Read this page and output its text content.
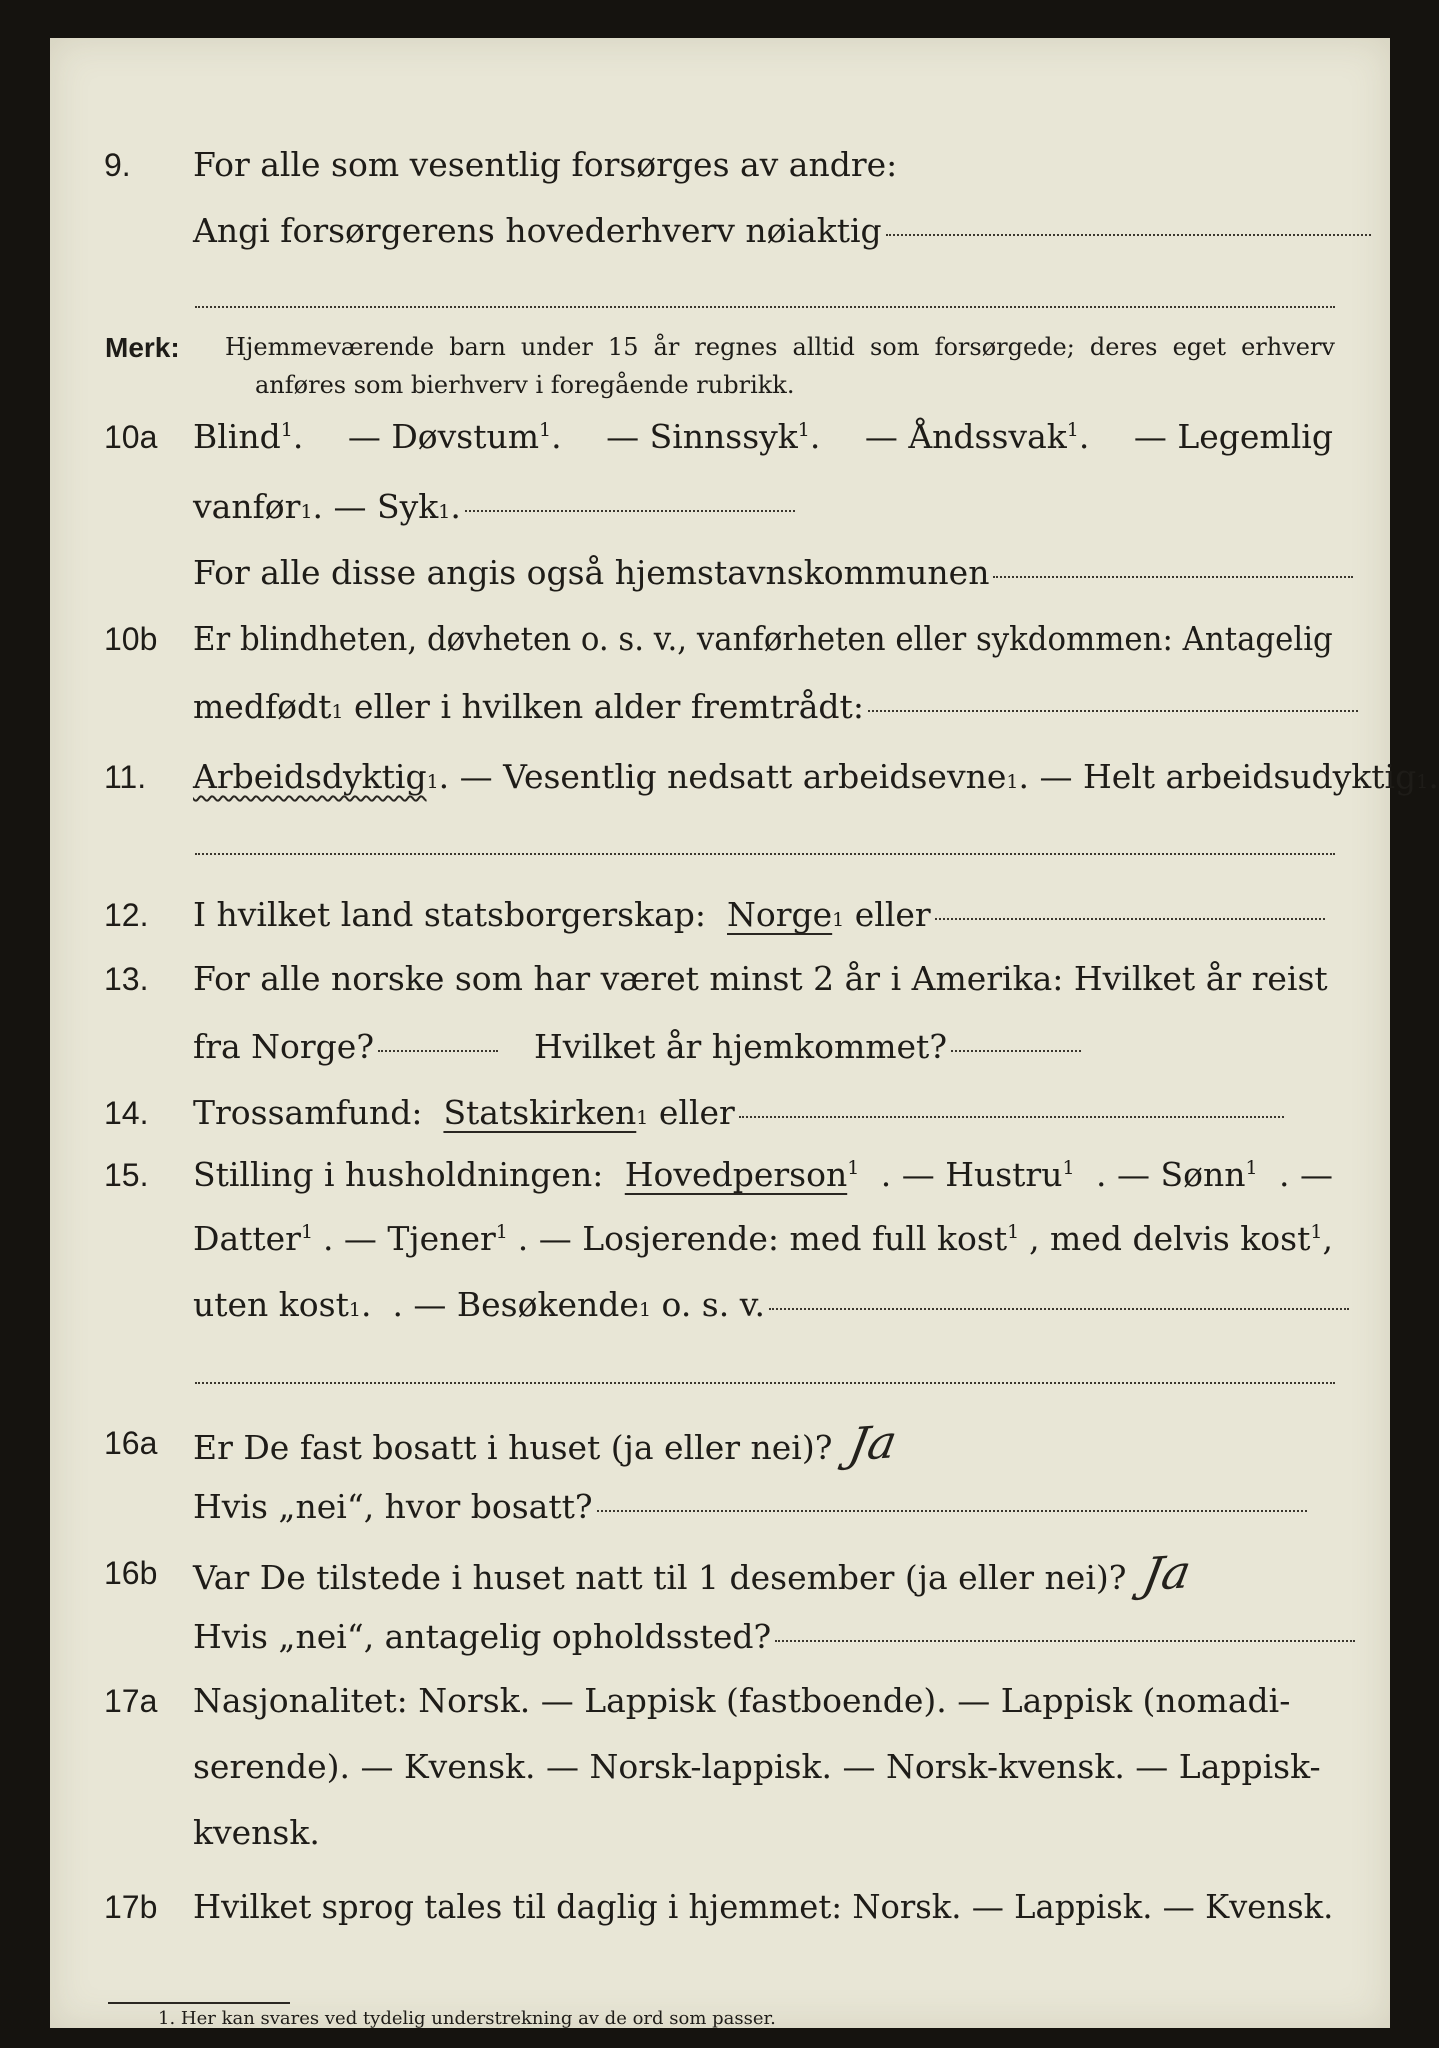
9.	For alle som vesentlig forsørges av andre:
Angi forsørgerens hovederhverv nøiaktig
Merk: Hjemmeværende barn under 15 år regnes alltid som forsørgede; deres eget erhverv
anføres som bierhverv i foregående rubrikk.
10a	Blind$^1$. — Døvstum$^1$. — Sinnssyk$^1$. — Åndssvak$^1$. — Legemlig
vanfør 1 . — Syk 1 .
For alle disse angis også hjemstavnskommunen
10b	Er blindheten, døvheten o. s. v., vanførheten eller sykdommen: Antagelig
medfødt 1
eller i hvilken alder fremtrådt:
11.	Arbeidsdyktig 1 . — Vesentlig nedsatt arbeidsevne 1 . — Helt arbeidsudyktig 1 .
12.	I hvilket land statsborgerskap:
Norge 1
eller
13.	For alle norske som har været minst 2 år i Amerika: Hvilket år reist
fra Norge?	Hvilket år hjemkommet?
14.	Trossamfund:
Statskirken 1
eller
15.	Stilling i husholdningen: Hovedperson$^1$ . — Hustru$^1$ . — Sønn$^1$ . —
Datter$^1$ . — Tjener$^1$ . — Losjerende: med full kost$^1$ , med delvis kost$^1$,
uten kost 1 . . — Besøkende 1
o. s. v.
16a	Er De fast bosatt i huset (ja eller nei)? Ja
Hvis „nei“, hvor bosatt?
16b	Var De tilstede i huset natt til 1 desember (ja eller nei)? Ja
Hvis „nei“, antagelig opholdssted?
17a	Nasjonalitet: Norsk. — Lappisk (fastboende). — Lappisk (nomadi-
serende). — Kvensk. — Norsk-lappisk. — Norsk-kvensk. — Lappisk-
kvensk.
17b	Hvilket sprog tales til daglig i hjemmet: Norsk. — Lappisk. — Kvensk.
1. Her kan svares ved tydelig understrekning av de ord som passer.
